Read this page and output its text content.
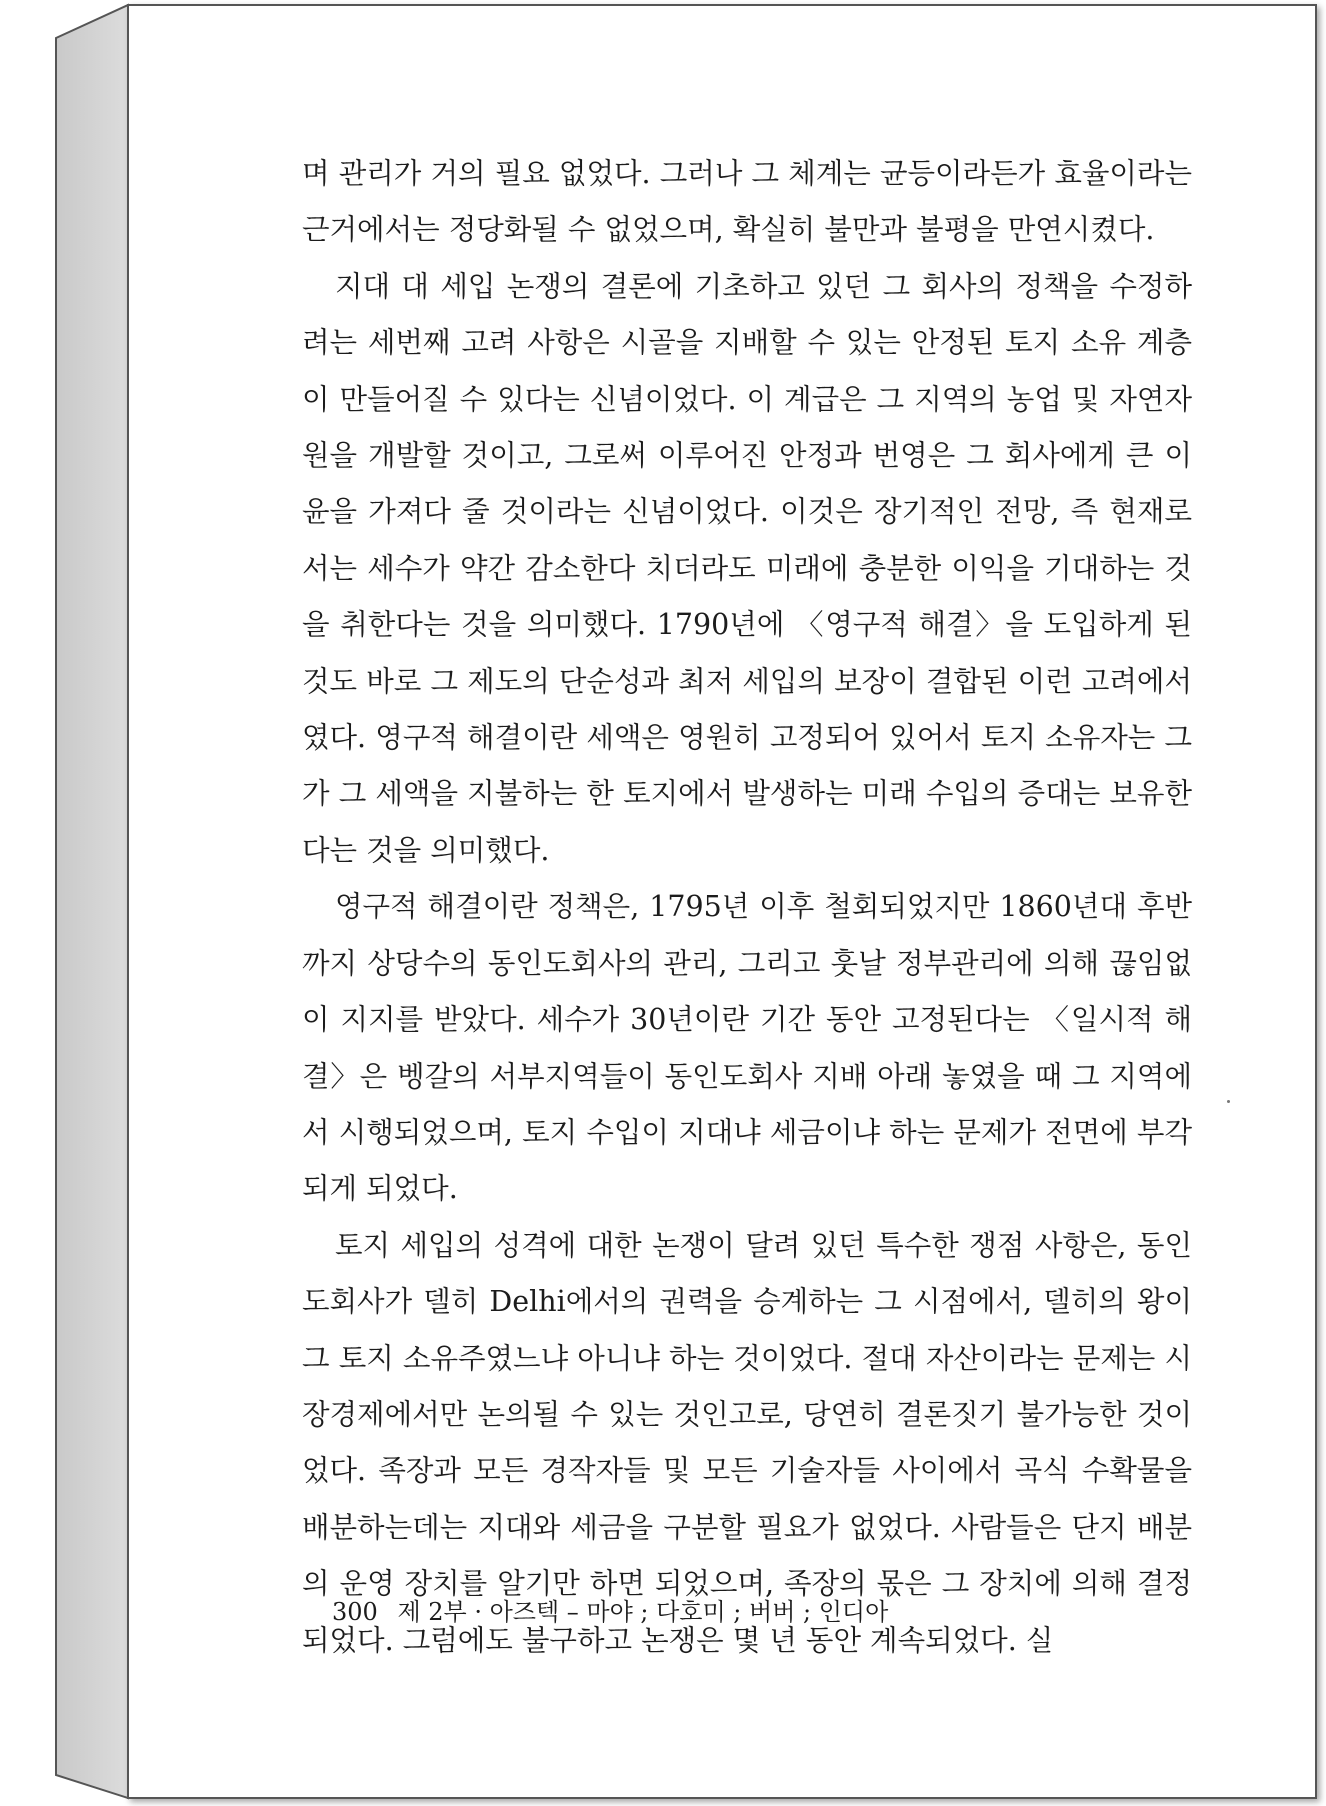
며 관리가 거의 필요 없었다. 그러나 그 체계는 균등이라든가 효율이라는 근거에서는 정당화될 수 없었으며, 확실히 불만과 불평을 만연시켰다.

지대 대 세입 논쟁의 결론에 기초하고 있던 그 회사의 정책을 수정하려는 세번째 고려 사항은 시골을 지배할 수 있는 안정된 토지 소유 계층이 만들어질 수 있다는 신념이었다. 이 계급은 그 지역의 농업 및 자연자원을 개발할 것이고, 그로써 이루어진 안정과 번영은 그 회사에게 큰 이윤을 가져다 줄 것이라는 신념이었다. 이것은 장기적인 전망, 즉 현재로서는 세수가 약간 감소한다 치더라도 미래에 충분한 이익을 기대하는 것을 취한다는 것을 의미했다. 1790년에 〈영구적 해결〉을 도입하게 된 것도 바로 그 제도의 단순성과 최저 세입의 보장이 결합된 이런 고려에서였다. 영구적 해결이란 세액은 영원히 고정되어 있어서 토지 소유자는 그가 그 세액을 지불하는 한 토지에서 발생하는 미래 수입의 증대는 보유한다는 것을 의미했다.

영구적 해결이란 정책은, 1795년 이후 철회되었지만 1860년대 후반까지 상당수의 동인도회사의 관리, 그리고 훗날 정부관리에 의해 끊임없이 지지를 받았다. 세수가 30년이란 기간 동안 고정된다는 〈일시적 해결〉은 벵갈의 서부지역들이 동인도회사 지배 아래 놓였을 때 그 지역에서 시행되었으며, 토지 수입이 지대냐 세금이냐 하는 문제가 전면에 부각되게 되었다.

토지 세입의 성격에 대한 논쟁이 달려 있던 특수한 쟁점 사항은, 동인도회사가 델히 Delhi에서의 권력을 승계하는 그 시점에서, 델히의 왕이 그 토지 소유주였느냐 아니냐 하는 것이었다. 절대 자산이라는 문제는 시장경제에서만 논의될 수 있는 것인고로, 당연히 결론짓기 불가능한 것이었다. 족장과 모든 경작자들 및 모든 기술자들 사이에서 곡식 수확물을 배분하는데는 지대와 세금을 구분할 필요가 없었다. 사람들은 단지 배분의 운영 장치를 알기만 하면 되었으며, 족장의 몫은 그 장치에 의해 결정되었다. 그럼에도 불구하고 논쟁은 몇 년 동안 계속되었다. 실

300 제 2부 · 아즈텍 – 마야 ; 다호미 ; 버버 ; 인디아
